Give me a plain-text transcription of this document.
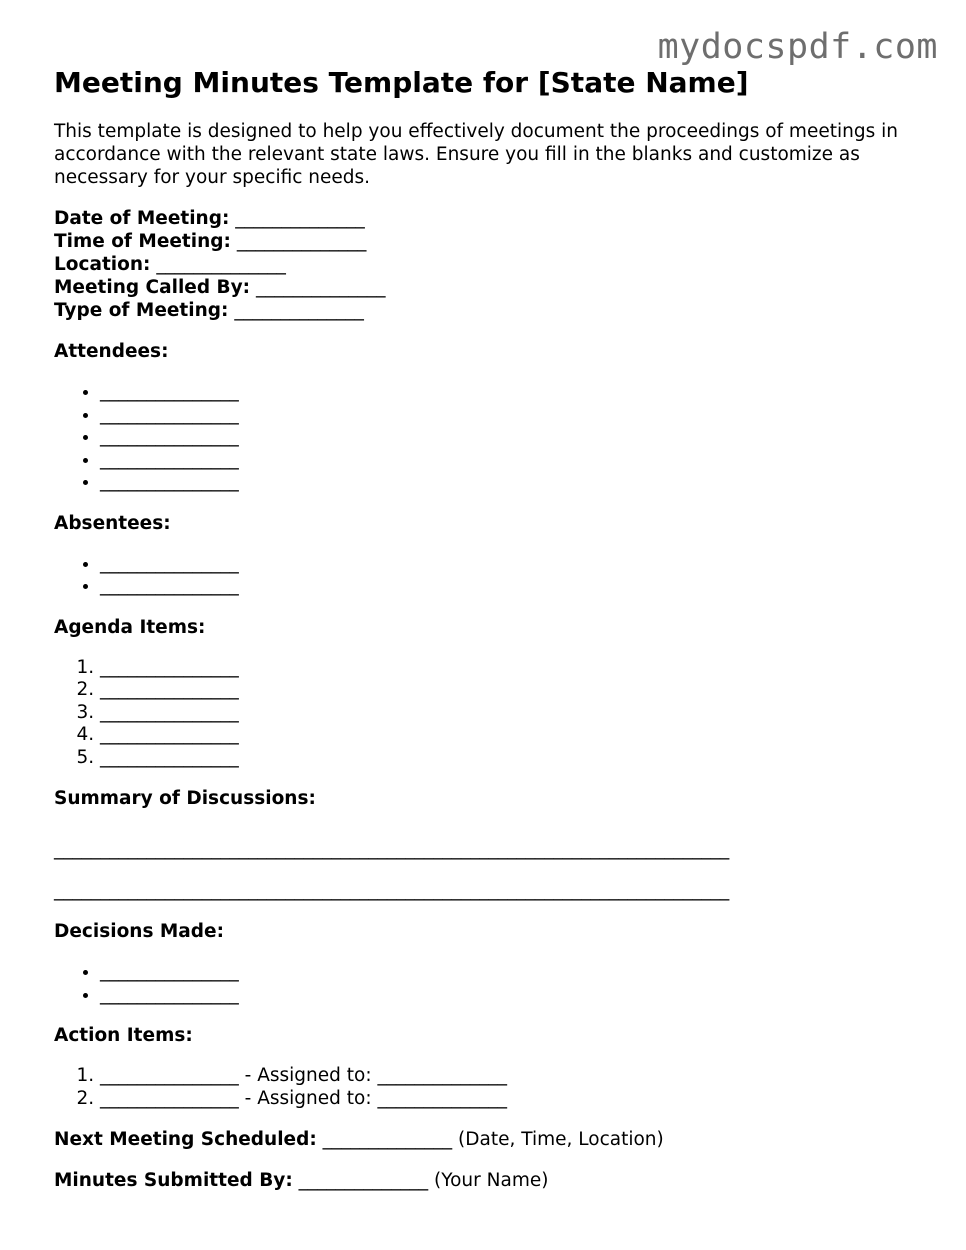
mydocspdf.com
Meeting Minutes Template for [State Name]
This template is designed to help you effectively document the proceedings of meetings in accordance with the relevant state laws. Ensure you fill in the blanks and customize as necessary for your specific needs.
Date of Meeting: ______________
Time of Meeting: ______________
Location: ______________
Meeting Called By: ______________
Type of Meeting: ______________
Attendees:
• _______________
• _______________
• _______________
• _______________
• _______________
Absentees:
• _______________
• _______________
Agenda Items:
1. _______________
2. _______________
3. _______________
4. _______________
5. _______________
Summary of Discussions:
_________________________________________________________________________
_________________________________________________________________________
Decisions Made:
• _______________
• _______________
Action Items:
1. _______________ - Assigned to: ______________
2. _______________ - Assigned to: ______________
Next Meeting Scheduled: ______________ (Date, Time, Location)
Minutes Submitted By: ______________ (Your Name)
